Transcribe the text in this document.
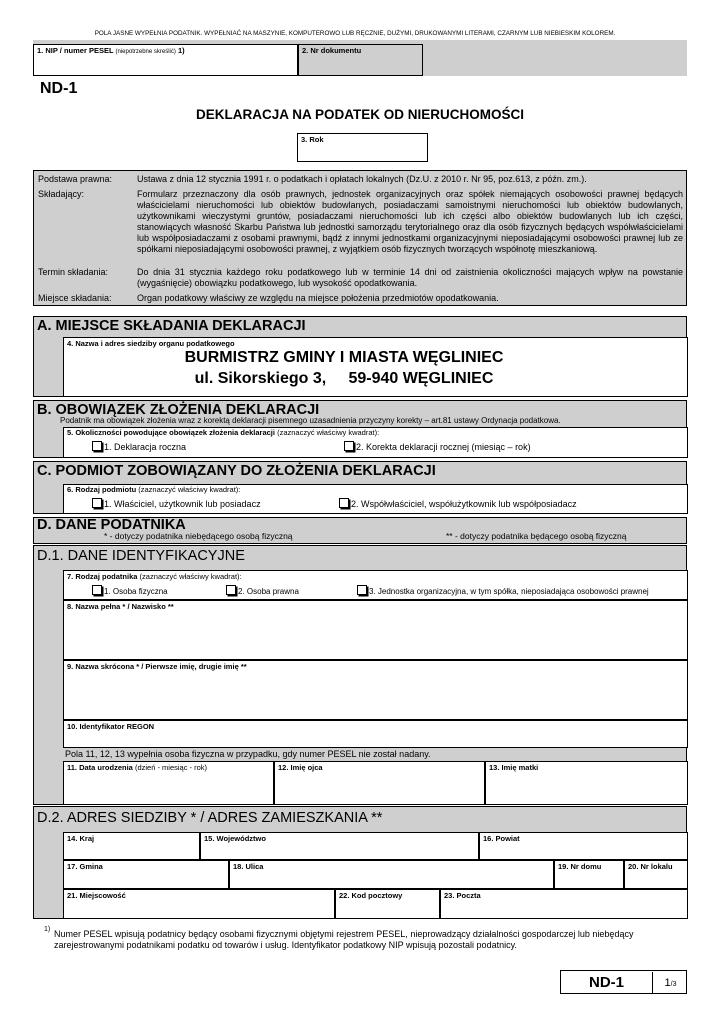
POLA JASNE WYPEŁNIA PODATNIK. WYPEŁNIAĆ NA MASZYNIE, KOMPUTEROWO LUB RĘCZNIE, DUŻYMI, DRUKOWANYMI LITERAMI, CZARNYM LUB NIEBIESKIM KOLOREM.
1. NIP / numer PESEL (niepotrzebne skreślić) 1)	2. Nr dokumentu
ND-1
DEKLARACJA NA PODATEK OD NIERUCHOMOŚCI
3. Rok
Podstawa prawna:	Ustawa z dnia 12 stycznia 1991 r. o podatkach i opłatach lokalnych (Dz.U. z 2010 r. Nr 95, poz.613, z późn. zm.).
Składający:	Formularz przeznaczony dla osób prawnych, jednostek organizacyjnych oraz spółek niemających osobowości prawnej będących właścicielami nieruchomości lub obiektów budowlanych, posiadaczami samoistnymi nieruchomości lub obiektów budowlanych, użytkownikami wieczystymi gruntów, posiadaczami nieruchomości lub ich części albo obiektów budowlanych lub ich części, stanowiących własność Skarbu Państwa lub jednostki samorządu terytorialnego oraz dla osób fizycznych będących współwłaścicielami lub współposiadaczami z osobami prawnymi, bądź z innymi jednostkami organizacyjnymi nieposiadającymi osobowości prawnej lub ze spółkami nieposiadającymi osobowości prawnej, z wyjątkiem osób fizycznych tworzących współnotę mieszkaniową.
Termin składania:	Do dnia 31 stycznia każdego roku podatkowego lub w terminie 14 dni od zaistnienia okoliczności mających wpływ na powstanie (wygaśnięcie) obowiązku podatkowego, lub wysokość opodatkowania.
Miejsce składania:	Organ podatkowy właściwy ze względu na miejsce położenia przedmiotów opodatkowania.
A. MIEJSCE SKŁADANIA DEKLARACJI
4. Nazwa i adres siedziby organu podatkowego
BURMISTRZ GMINY I MIASTA WĘGLINIEC
ul. Sikorskiego 3,     59-940 WĘGLINIEC
B. OBOWIĄZEK ZŁOŻENIA DEKLARACJI
Podatnik ma obowiązek złożenia wraz z korektą deklaracji pisemnego uzasadnienia przyczyny korekty – art.81 ustawy Ordynacja podatkowa.
5. Okoliczności powodujące obowiązek złożenia deklaracji (zaznaczyć właściwy kwadrat):
1. Deklaracja roczna	2. Korekta deklaracji rocznej (miesiąc – rok)
C. PODMIOT ZOBOWIĄZANY DO ZŁOŻENIA DEKLARACJI
6. Rodzaj podmiotu (zaznaczyć właściwy kwadrat):
1. Właściciel, użytkownik lub posiadacz	2. Współwłaściciel, współużytkownik lub współposiadacz
D. DANE PODATNIKA
* - dotyczy podatnika niebędącego osobą fizyczną	** - dotyczy podatnika będącego osobą fizyczną
D.1. DANE IDENTYFIKACYJNE
7. Rodzaj podatnika (zaznaczyć właściwy kwadrat):
1. Osoba fizyczna	2. Osoba prawna	3. Jednostka organizacyjna, w tym spółka, nieposiadająca osobowości prawnej
8. Nazwa pełna * / Nazwisko **
9. Nazwa skrócona * / Pierwsze imię, drugie imię **
10. Identyfikator REGON
Pola 11, 12, 13 wypełnia osoba fizyczna w przypadku, gdy numer PESEL nie został nadany.
11. Data urodzenia (dzień - miesiąc - rok)	12. Imię ojca	13. Imię matki
D.2. ADRES SIEDZIBY * / ADRES ZAMIESZKANIA **
14. Kraj	15. Województwo	16. Powiat
17. Gmina	18. Ulica	19. Nr domu	20. Nr lokalu
21. Miejscowość	22. Kod pocztowy	23. Poczta
1) Numer PESEL wpisują podatnicy będący osobami fizycznymi objętymi rejestrem PESEL, nieprowadzący działalności gospodarczej lub niebędący zarejestrowanymi podatnikami podatku od towarów i usług. Identyfikator podatkowy NIP wpisują pozostali podatnicy.
ND-1	1/3
